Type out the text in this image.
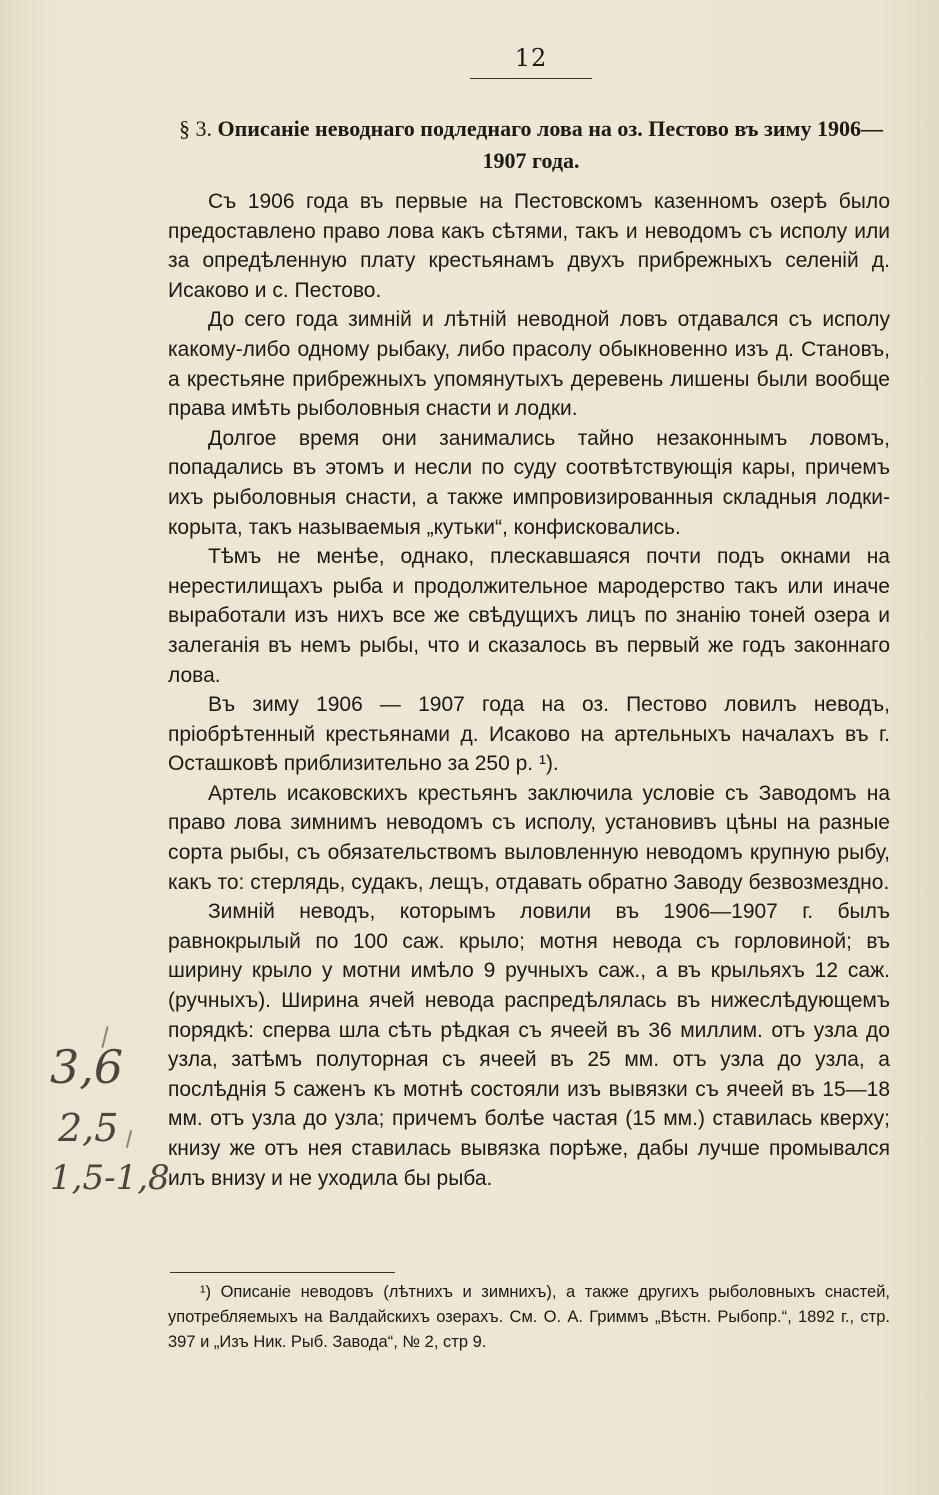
12
§ 3. Описаніе неводнаго подледнаго лова на оз. Пестово въ зиму 1906—1907 года.

Съ 1906 года въ первые на Пестовскомъ казенномъ озерѣ было предоставлено право лова какъ сѣтями, такъ и неводомъ съ исполу или за опредѣленную плату крестьянамъ двухъ прибрежныхъ селеній д. Исаково и с. Пестово.

До сего года зимній и лѣтній неводной ловъ отдавался съ исполу какому-либо одному рыбаку, либо прасолу обыкновенно изъ д. Становъ, а крестьяне прибрежныхъ упомянутыхъ деревень лишены были вообще права имѣть рыболовныя снасти и лодки.

Долгое время они занимались тайно незаконнымъ ловомъ, попадались въ этомъ и несли по суду соотвѣтствующія кары, причемъ ихъ рыболовныя снасти, а также импровизированныя складныя лодки-корыта, такъ называемыя „кутьки“, конфисковались.

Тѣмъ не менѣе, однако, плескавшаяся почти подъ окнами на нерестилищахъ рыба и продолжительное мародерство такъ или иначе выработали изъ нихъ все же свѣдущихъ лицъ по знанію тоней озера и залеганія въ немъ рыбы, что и сказалось въ первый же годъ законнаго лова.

Въ зиму 1906 — 1907 года на оз. Пестово ловилъ неводъ, пріобрѣтенный крестьянами д. Исаково на артельныхъ началахъ въ г. Осташковѣ приблизительно за 250 р. ¹).

Артель исаковскихъ крестьянъ заключила условіе съ Заводомъ на право лова зимнимъ неводомъ съ исполу, установивъ цѣны на разные сорта рыбы, съ обязательствомъ выловленную неводомъ крупную рыбу, какъ то: стерлядь, судакъ, лещъ, отдавать обратно Заводу безвозмездно.

Зимній неводъ, которымъ ловили въ 1906—1907 г. былъ равнокрылый по 100 саж. крыло; мотня невода съ горловиной; въ ширину крыло у мотни имѣло 9 ручныхъ саж., а въ крыльяхъ 12 саж. (ручныхъ). Ширина ячей невода распредѣлялась въ нижеслѣдующемъ порядкѣ: сперва шла сѣть рѣдкая съ ячеей въ 36 миллим. отъ узла до узла, затѣмъ полуторная съ ячеей въ 25 мм. отъ узла до узла, а послѣднія 5 саженъ къ мотнѣ состояли изъ вывязки съ ячеей въ 15—18 мм. отъ узла до узла; причемъ болѣе частая (15 мм.) ставилась кверху; книзу же отъ нея ставилась вывязка порѣже, дабы лучше промывался илъ внизу и не уходила бы рыба.

¹) Описаніе неводовъ (лѣтнихъ и зимнихъ), а также другихъ рыболовныхъ снастей, употребляемыхъ на Валдайскихъ озерахъ. См. О. А. Гриммъ „Вѣстн. Рыбопр.“, 1892 г., стр. 397 и „Изъ Ник. Рыб. Завода“, № 2, стр 9.

3,6
2,5
1,5-1,8
